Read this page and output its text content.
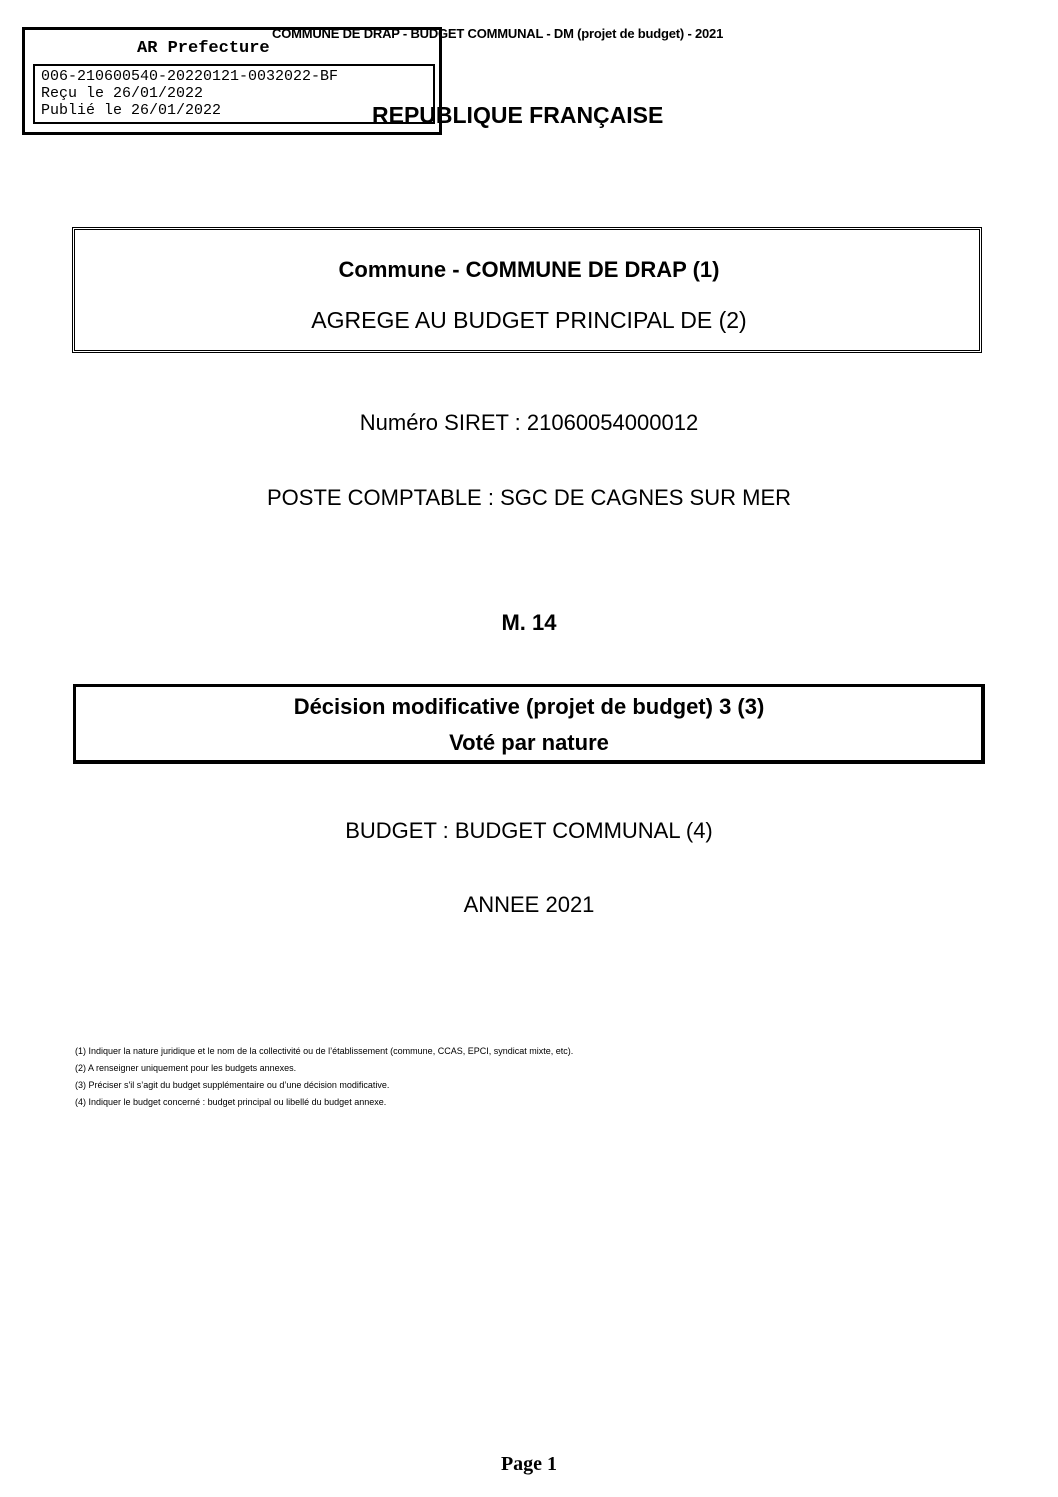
AR Prefecture
006-210600540-20220121-0032022-BF
Reçu le 26/01/2022
Publié le 26/01/2022
COMMUNE DE DRAP - BUDGET COMMUNAL - DM (projet de budget) - 2021
REPUBLIQUE FRANÇAISE
Commune - COMMUNE DE DRAP (1)
AGREGE AU BUDGET PRINCIPAL DE (2)
Numéro SIRET : 21060054000012
POSTE COMPTABLE : SGC DE CAGNES SUR MER
M. 14
Décision modificative (projet de budget) 3 (3)
Voté par nature
BUDGET : BUDGET COMMUNAL (4)
ANNEE 2021
(1) Indiquer la nature juridique et le nom de la collectivité ou de l’établissement (commune, CCAS, EPCI, syndicat mixte, etc).
(2) A renseigner uniquement pour les budgets annexes.
(3) Préciser s'il s’agit du budget supplémentaire ou d’une décision modificative.
(4) Indiquer le budget concerné : budget principal ou libellé du budget annexe.
Page 1
